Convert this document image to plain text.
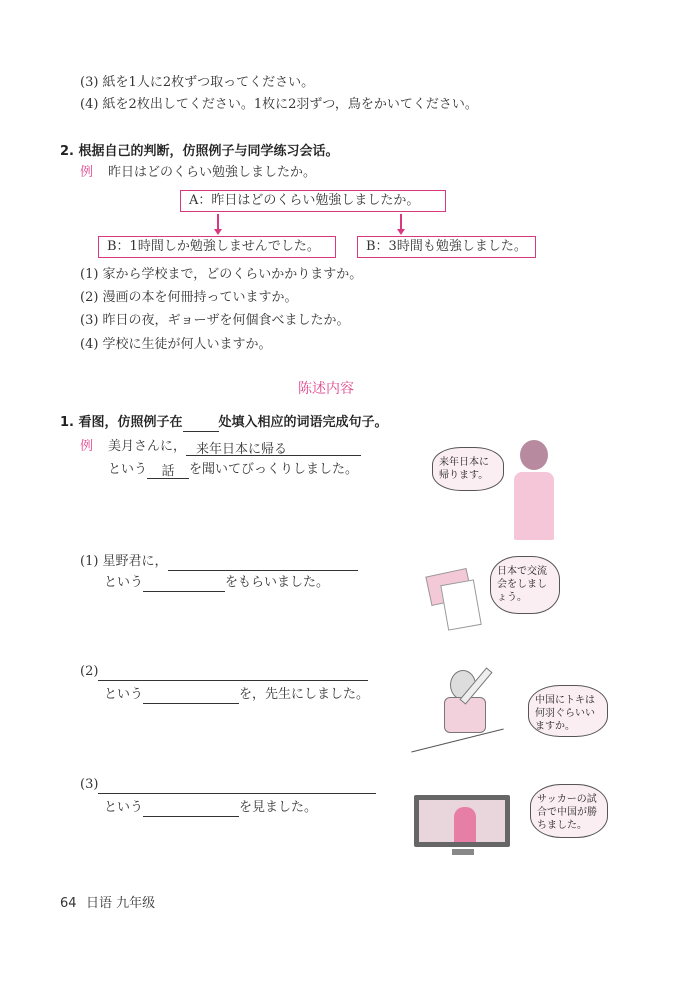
(3) 紙を1人に2枚ずつ取ってください。
(4) 紙を2枚出してください。1枚に2羽ずつ，鳥をかいてください。
2. 根据自己的判断，仿照例子与同学练习会话。
例 昨日はどのくらい勉強しましたか。
A：昨日はどのくらい勉強しましたか。
B：1時間しか勉強しませんでした。	B：3時間も勉強しました。
(1) 家から学校まで，どのくらいかかりますか。
(2) 漫画の本を何冊持っていますか。
(3) 昨日の夜，ギョーザを何個食べましたか。
(4) 学校に生徒が何人いますか。
陈述内容
1. 看图，仿照例子在	处填入相应的词语完成句子。
例 美月さんに， 来年日本に帰る
という 話 を聞いてびっくりしました。	来年日本に帰ります。
(1) 星野君に，
という	をもらいました。
日本で交流会をしましょう。
(2)
という	を，先生にしました。	中国にトキは何羽ぐらいいますか。
(3)
という	を見ました。
サッカーの試合で中国が勝ちました。
64 日语 九年级
